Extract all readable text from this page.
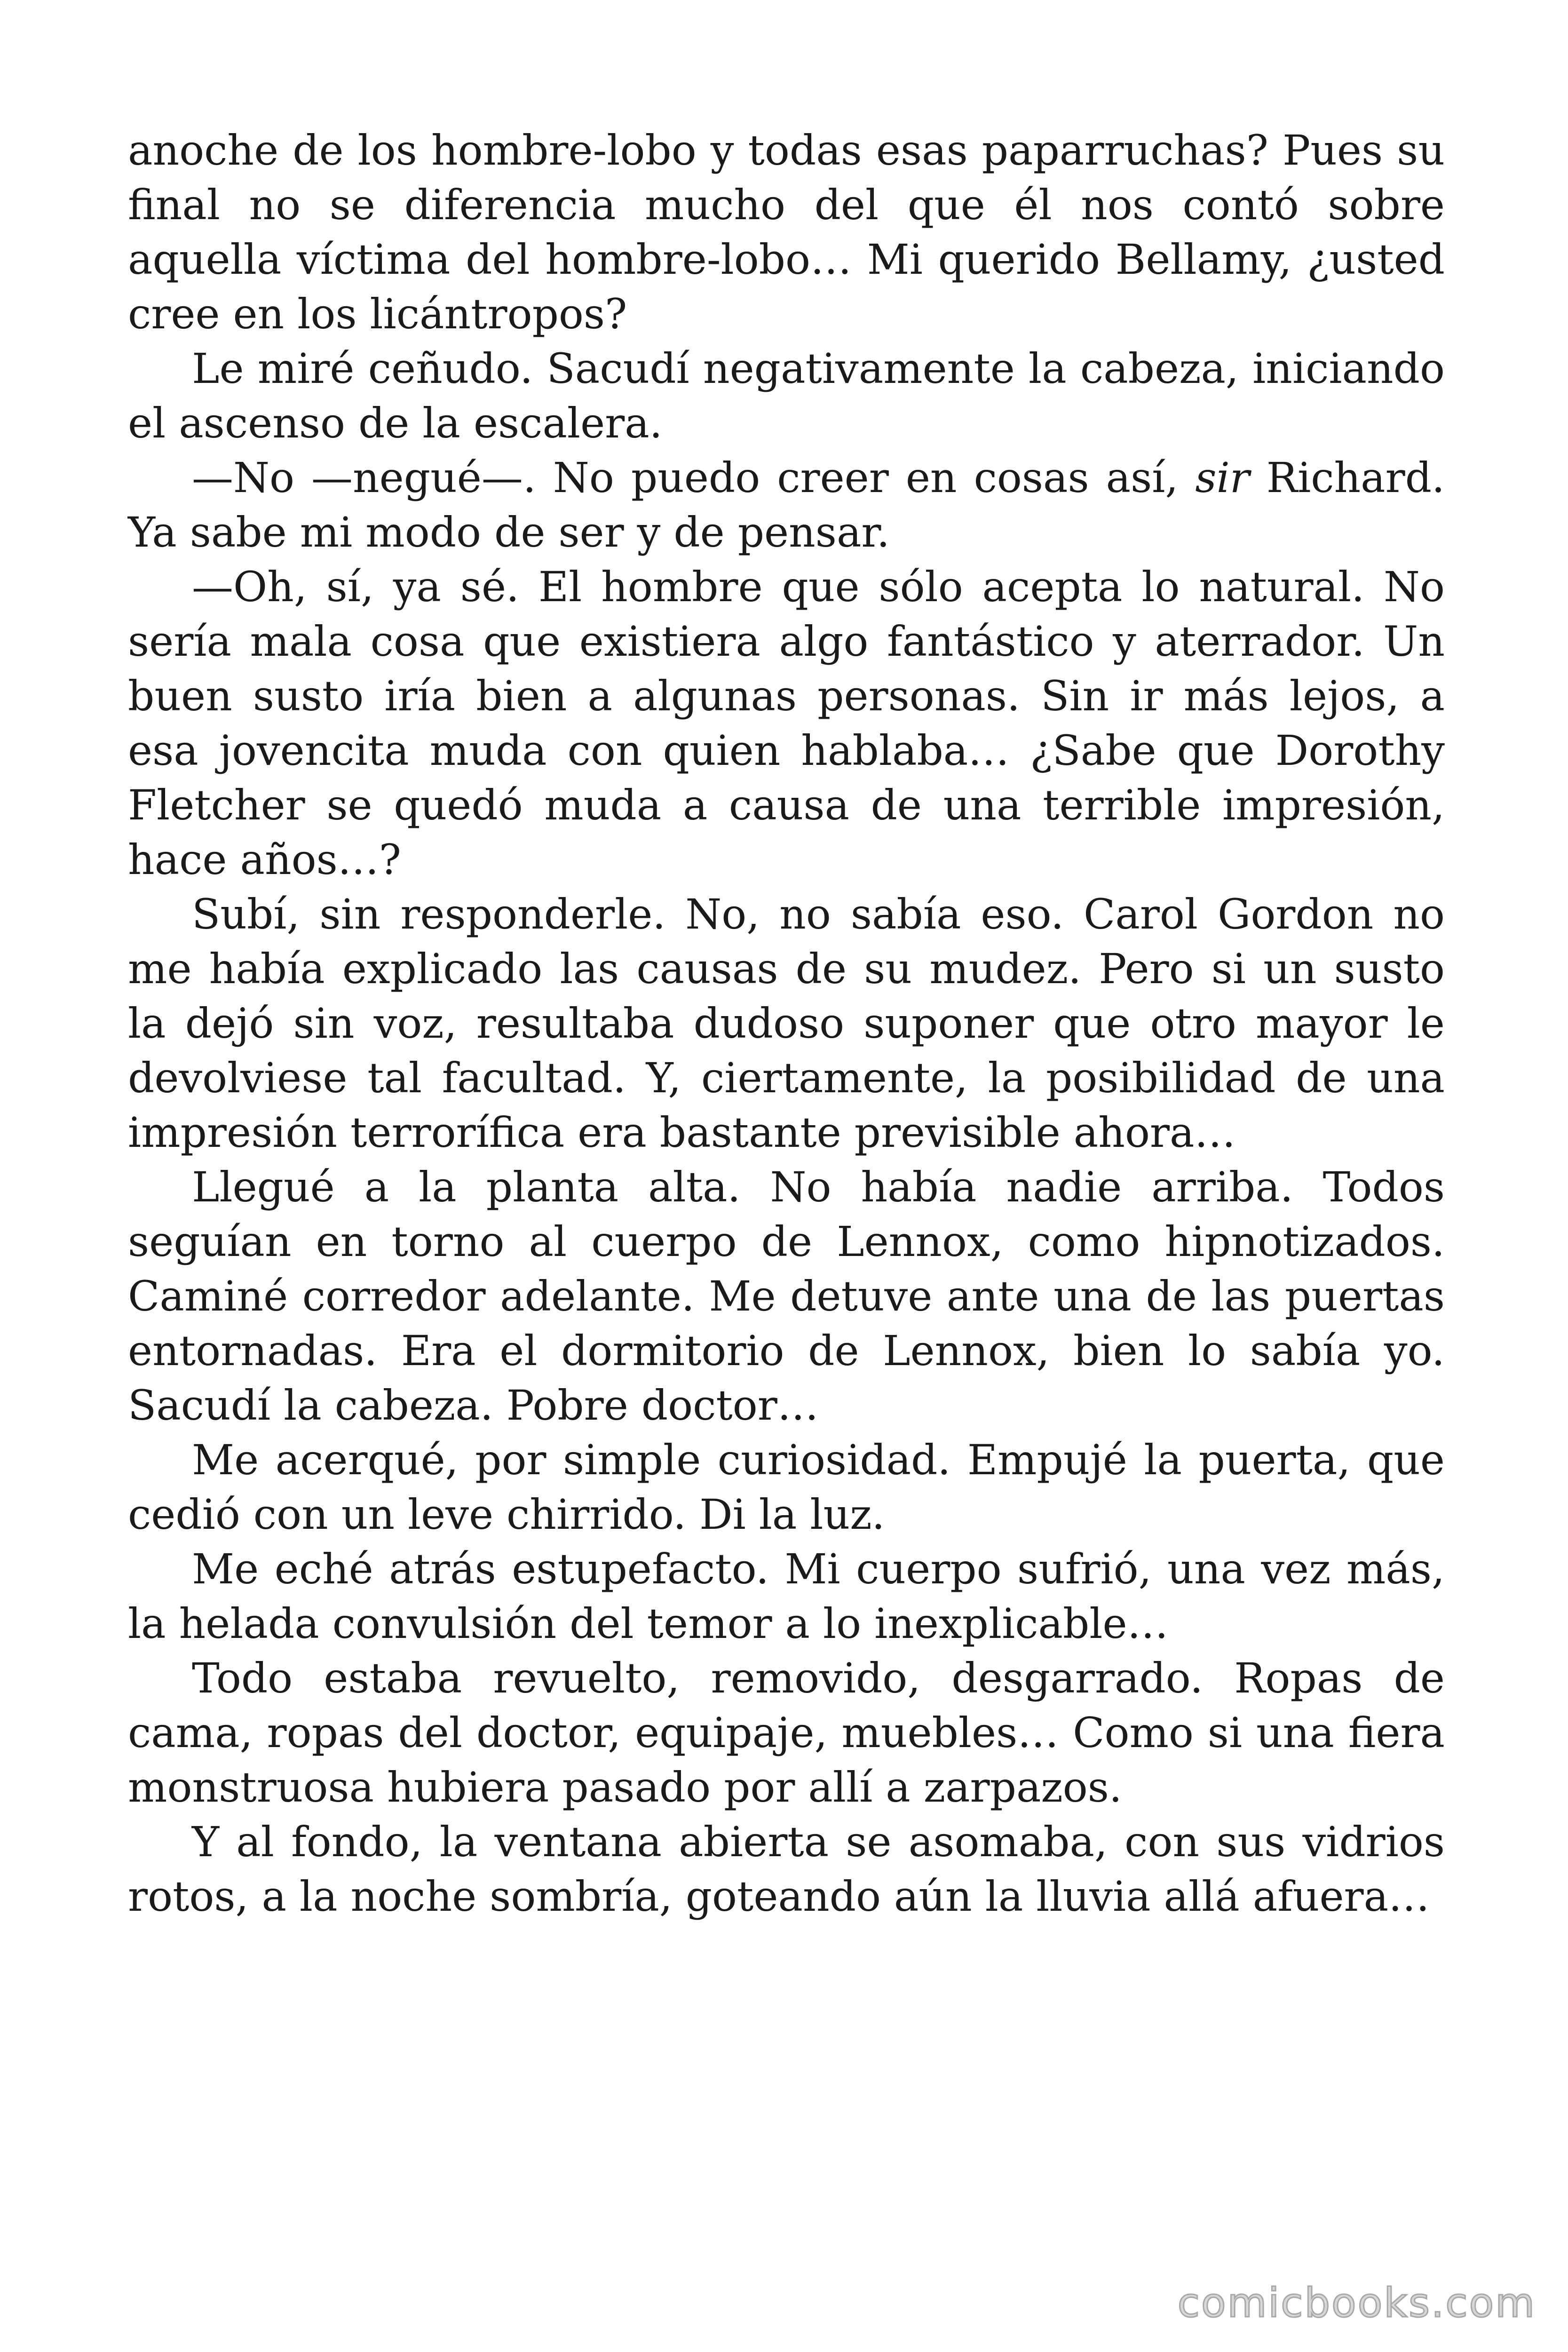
anoche de los hombre-lobo y todas esas paparruchas? Pues su final no se diferencia mucho del que él nos contó sobre aquella víctima del hombre-lobo… Mi querido Bellamy, ¿usted cree en los licántropos?

Le miré ceñudo. Sacudí negativamente la cabeza, iniciando el ascenso de la escalera.

—No —negué—. No puedo creer en cosas así, sir Richard. Ya sabe mi modo de ser y de pensar.

—Oh, sí, ya sé. El hombre que sólo acepta lo natural. No sería mala cosa que existiera algo fantástico y aterrador. Un buen susto iría bien a algunas personas. Sin ir más lejos, a esa jovencita muda con quien hablaba… ¿Sabe que Dorothy Fletcher se quedó muda a causa de una terrible impresión, hace años…?

Subí, sin responderle. No, no sabía eso. Carol Gordon no me había explicado las causas de su mudez. Pero si un susto la dejó sin voz, resultaba dudoso suponer que otro mayor le devolviese tal facultad. Y, ciertamente, la posibilidad de una impresión terrorífica era bastante previsible ahora…

Llegué a la planta alta. No había nadie arriba. Todos seguían en torno al cuerpo de Lennox, como hipnotizados. Caminé corredor adelante. Me detuve ante una de las puertas entornadas. Era el dormitorio de Lennox, bien lo sabía yo. Sacudí la cabeza. Pobre doctor…

Me acerqué, por simple curiosidad. Empujé la puerta, que cedió con un leve chirrido. Di la luz.

Me eché atrás estupefacto. Mi cuerpo sufrió, una vez más, la helada convulsión del temor a lo inexplicable…

Todo estaba revuelto, removido, desgarrado. Ropas de cama, ropas del doctor, equipaje, muebles… Como si una fiera monstruosa hubiera pasado por allí a zarpazos.

Y al fondo, la ventana abierta se asomaba, con sus vidrios rotos, a la noche sombría, goteando aún la lluvia allá afuera…

comicbooks.com
